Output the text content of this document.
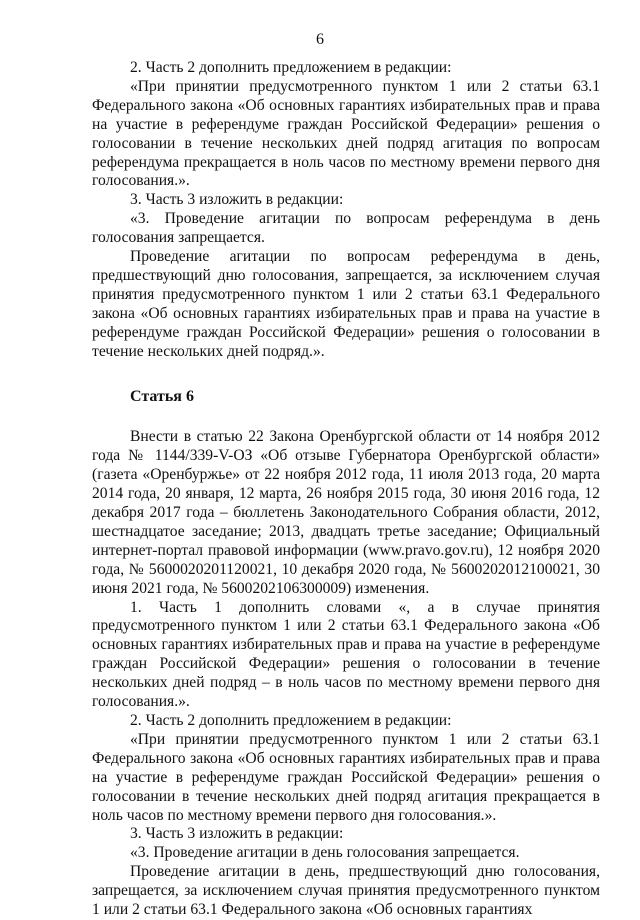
6

2. Часть 2 дополнить предложением в редакции:

«При принятии предусмотренного пунктом 1 или 2 статьи 63.1 Федерального закона «Об основных гарантиях избирательных прав и права на участие в референдуме граждан Российской Федерации» решения о голосовании в течение нескольких дней подряд агитация по вопросам референдума прекращается в ноль часов по местному времени первого дня голосования.».

3. Часть 3 изложить в редакции:

«3. Проведение агитации по вопросам референдума в день голосования запрещается.

Проведение агитации по вопросам референдума в день, предшествующий дню голосования, запрещается, за исключением случая принятия предусмотренного пунктом 1 или 2 статьи 63.1 Федерального закона «Об основных гарантиях избирательных прав и права на участие в референдуме граждан Российской Федерации» решения о голосовании в течение нескольких дней подряд.».

Статья 6

Внести в статью 22 Закона Оренбургской области от 14 ноября 2012 года № 1144/339-V-ОЗ «Об отзыве Губернатора Оренбургской области» (газета «Оренбуржье» от 22 ноября 2012 года, 11 июля 2013 года, 20 марта 2014 года, 20 января, 12 марта, 26 ноября 2015 года, 30 июня 2016 года, 12 декабря 2017 года – бюллетень Законодательного Собрания области, 2012, шестнадцатое заседание; 2013, двадцать третье заседание; Официальный интернет-портал правовой информации (www.pravo.gov.ru), 12 ноября 2020 года, № 5600020201120021, 10 декабря 2020 года, № 5600202012100021, 30 июня 2021 года, № 5600202106300009) изменения.

1. Часть 1 дополнить словами «, а в случае принятия предусмотренного пунктом 1 или 2 статьи 63.1 Федерального закона «Об основных гарантиях избирательных прав и права на участие в референдуме граждан Российской Федерации» решения о голосовании в течение нескольких дней подряд – в ноль часов по местному времени первого дня голосования.».

2. Часть 2 дополнить предложением в редакции:

«При принятии предусмотренного пунктом 1 или 2 статьи 63.1 Федерального закона «Об основных гарантиях избирательных прав и права на участие в референдуме граждан Российской Федерации» решения о голосовании в течение нескольких дней подряд агитация прекращается в ноль часов по местному времени первого дня голосования.».

3. Часть 3 изложить в редакции:

«3. Проведение агитации в день голосования запрещается.

Проведение агитации в день, предшествующий дню голосования, запрещается, за исключением случая принятия предусмотренного пунктом 1 или 2 статьи 63.1 Федерального закона «Об основных гарантиях
